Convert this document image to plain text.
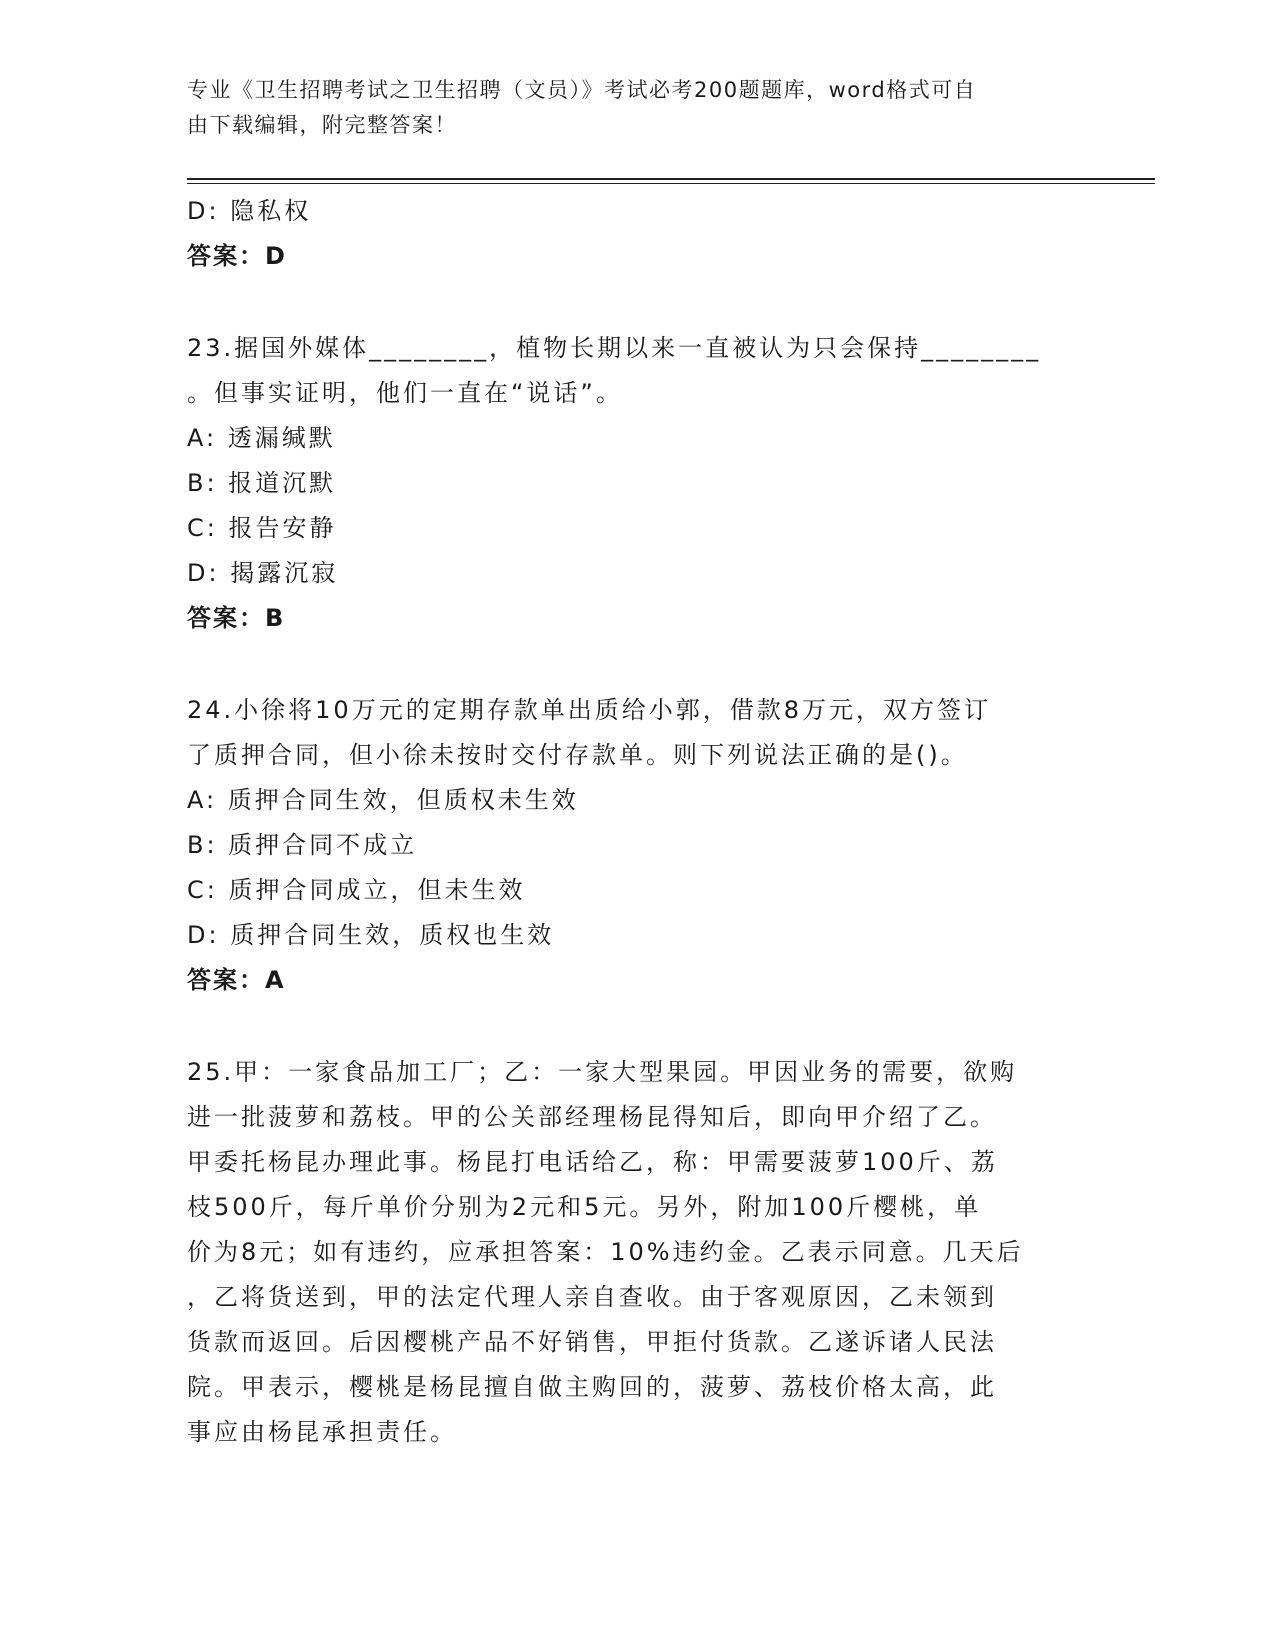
专业《卫生招聘考试之卫生招聘（文员）》考试必考200题题库，word格式可自
由下载编辑，附完整答案！
D: 隐私权
答案：D
23.据国外媒体________，植物长期以来一直被认为只会保持________
。但事实证明，他们一直在“说话”。
A: 透漏缄默
B: 报道沉默
C: 报告安静
D: 揭露沉寂
答案：B
24.小徐将10万元的定期存款单出质给小郭，借款8万元，双方签订
了质押合同，但小徐未按时交付存款单。则下列说法正确的是()。
A: 质押合同生效，但质权未生效
B: 质押合同不成立
C: 质押合同成立，但未生效
D: 质押合同生效，质权也生效
答案：A
25.甲：一家食品加工厂；乙：一家大型果园。甲因业务的需要，欲购
进一批菠萝和荔枝。甲的公关部经理杨昆得知后，即向甲介绍了乙。
甲委托杨昆办理此事。杨昆打电话给乙，称：甲需要菠萝100斤、荔
枝500斤，每斤单价分别为2元和5元。另外，附加100斤樱桃，单
价为8元；如有违约，应承担答案：10%违约金。乙表示同意。几天后
，乙将货送到，甲的法定代理人亲自查收。由于客观原因，乙未领到
货款而返回。后因樱桃产品不好销售，甲拒付货款。乙遂诉诸人民法
院。甲表示，樱桃是杨昆擅自做主购回的，菠萝、荔枝价格太高，此
事应由杨昆承担责任。
